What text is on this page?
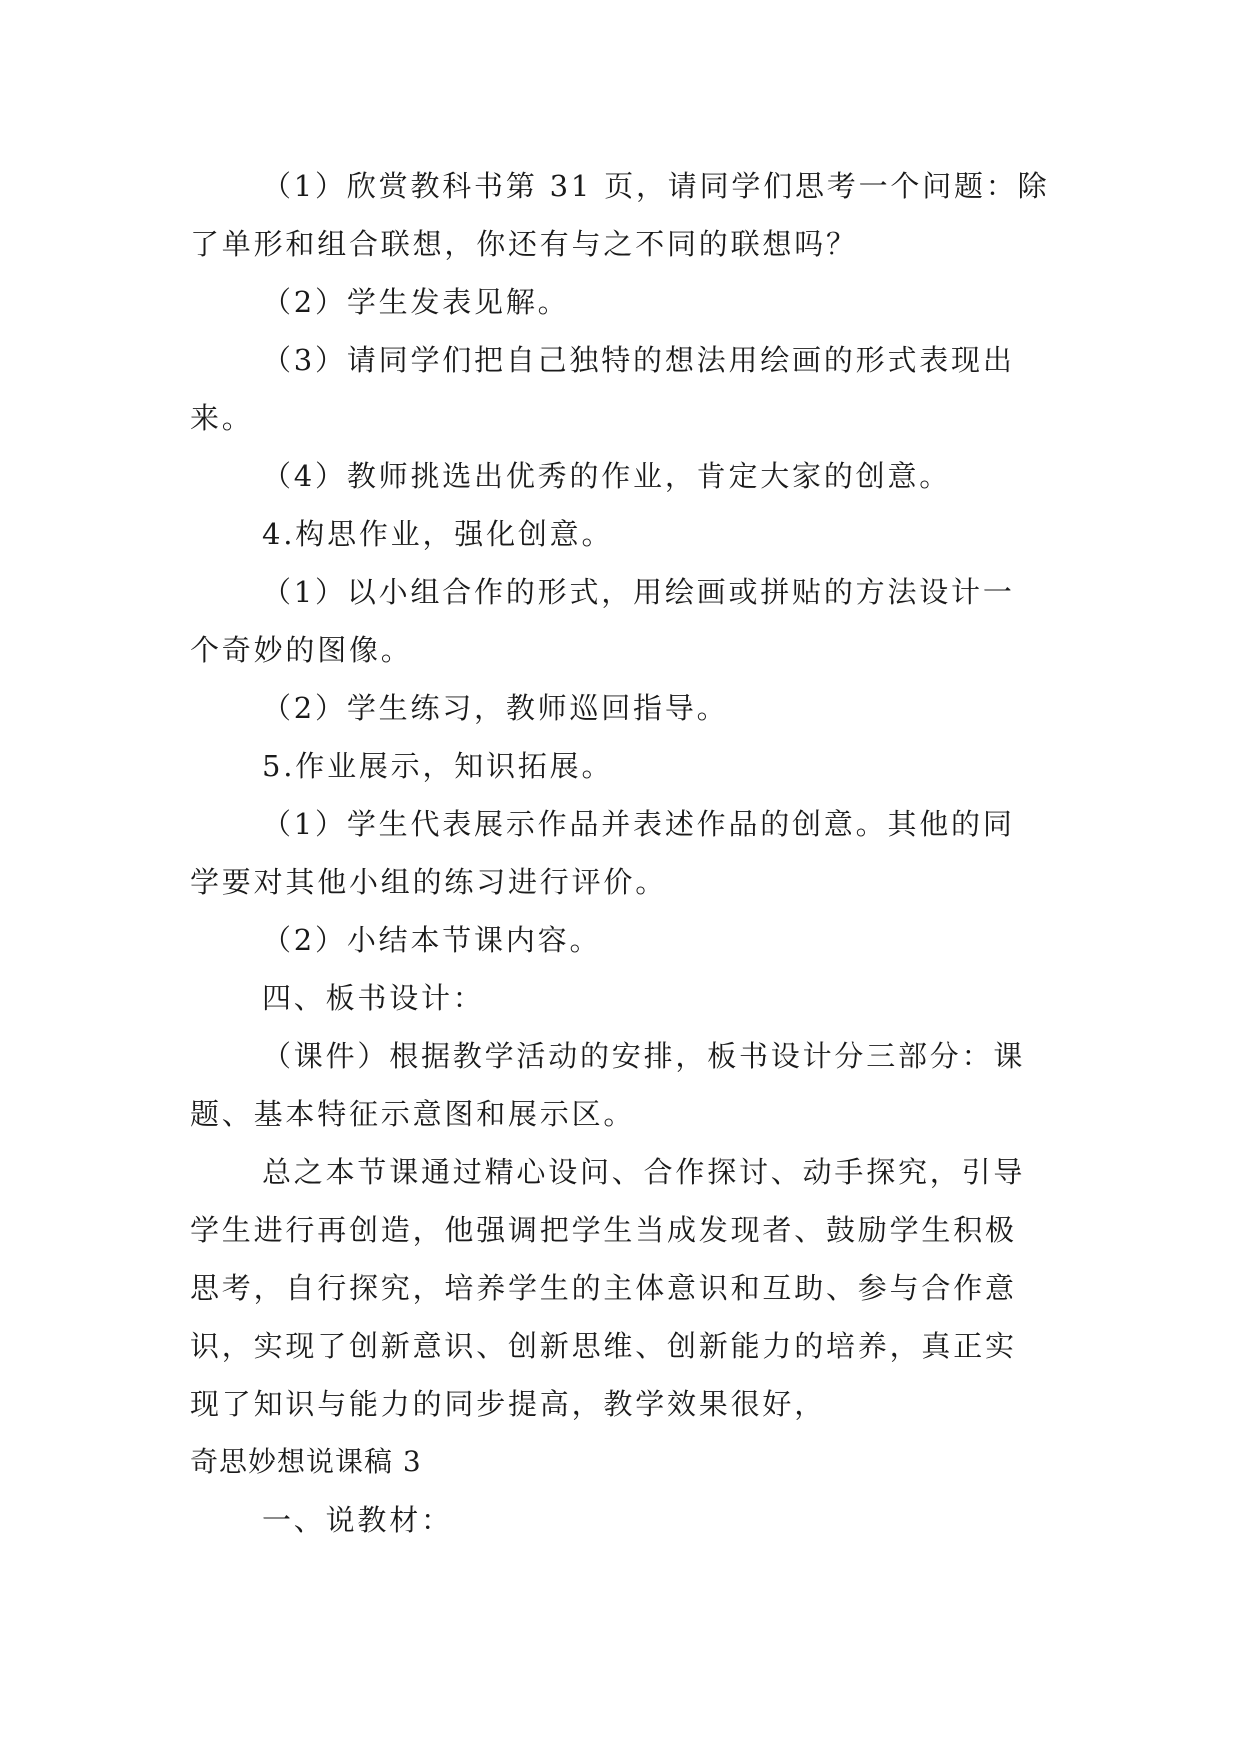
（1）欣赏教科书第 31 页，请同学们思考一个问题：除
了单形和组合联想，你还有与之不同的联想吗？
（2）学生发表见解。
（3）请同学们把自己独特的想法用绘画的形式表现出
来。
（4）教师挑选出优秀的作业，肯定大家的创意。
4.构思作业，强化创意。
（1）以小组合作的形式，用绘画或拼贴的方法设计一
个奇妙的图像。
（2）学生练习，教师巡回指导。
5.作业展示，知识拓展。
（1）学生代表展示作品并表述作品的创意。其他的同
学要对其他小组的练习进行评价。
（2）小结本节课内容。
四、板书设计：
（课件）根据教学活动的安排，板书设计分三部分：课
题、基本特征示意图和展示区。
总之本节课通过精心设问、合作探讨、动手探究，引导
学生进行再创造，他强调把学生当成发现者、鼓励学生积极
思考，自行探究，培养学生的主体意识和互助、参与合作意
识，实现了创新意识、创新思维、创新能力的培养，真正实
现了知识与能力的同步提高，教学效果很好，
奇思妙想说课稿 3
一、说教材：
